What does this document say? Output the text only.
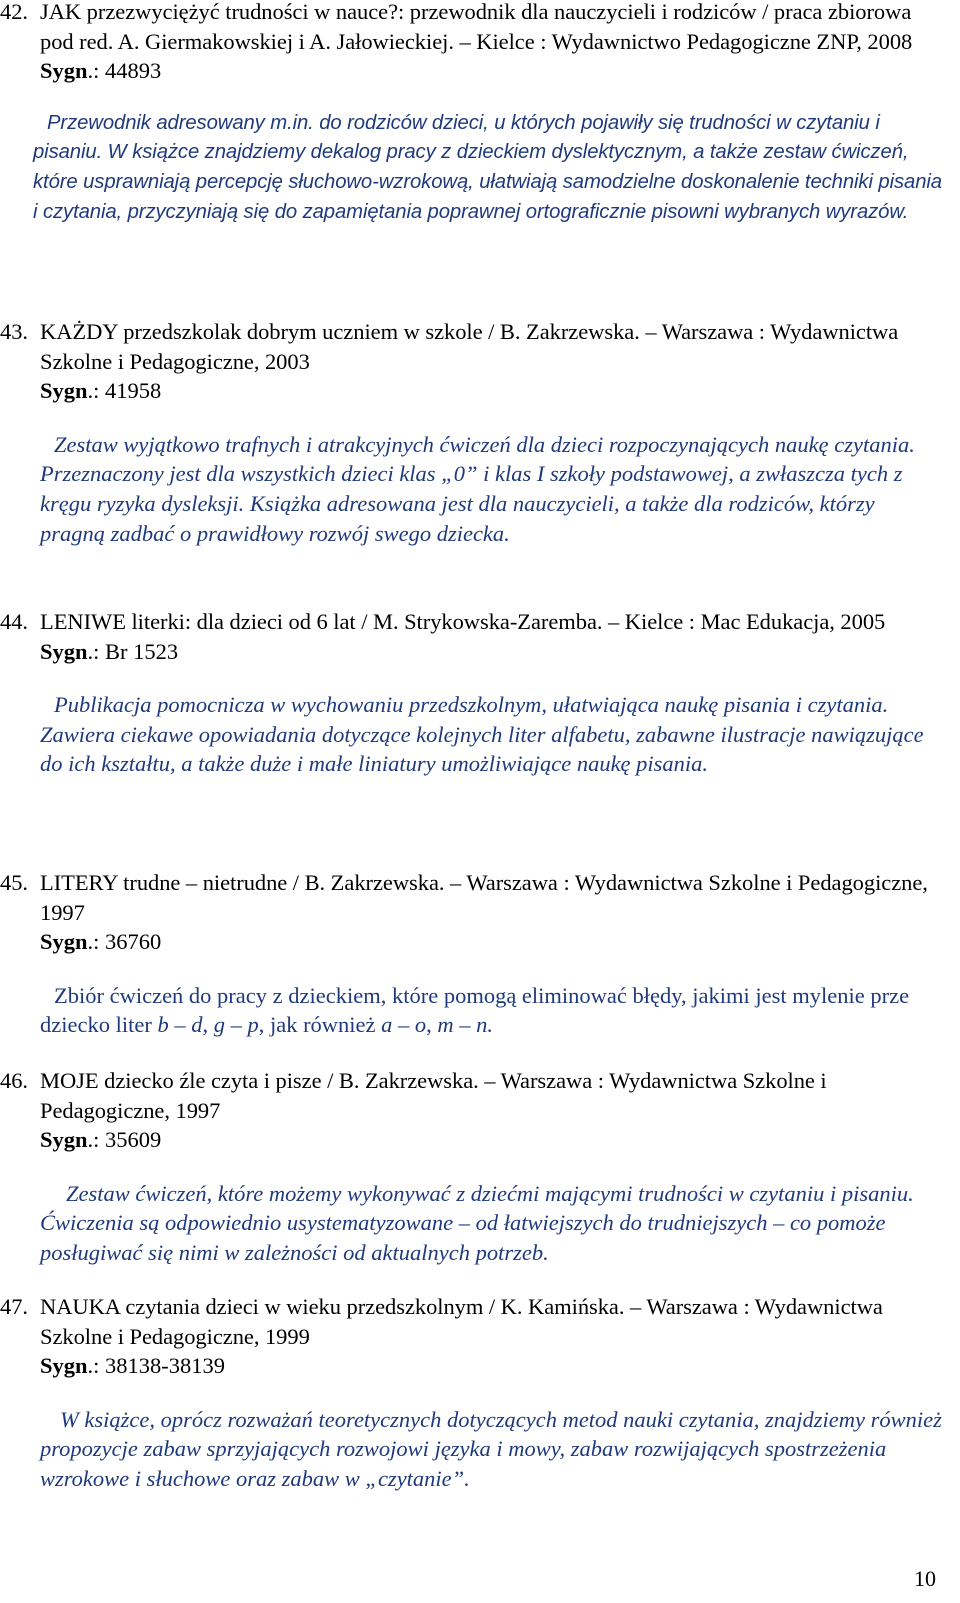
42. JAK przezwyciężyć trudności w nauce?: przewodnik dla nauczycieli i rodziców / praca zbiorowa pod red. A. Giermakowskiej i A. Jałowieckiej. – Kielce : Wydawnictwo Pedagogiczne ZNP, 2008

Sygn.: 44893

Przewodnik adresowany m.in. do rodziców dzieci, u których pojawiły się trudności w czytaniu i pisaniu. W książce znajdziemy dekalog pracy z dzieckiem dyslektycznym, a także zestaw ćwiczeń, które usprawniają percepcję słuchowo-wzrokową, ułatwiają samodzielne doskonalenie techniki pisania i czytania, przyczyniają się do zapamiętania poprawnej ortograficznie pisowni wybranych wyrazów.

43. KAŻDY przedszkolak dobrym uczniem w szkole / B. Zakrzewska. – Warszawa : Wydawnictwa Szkolne i Pedagogiczne, 2003

Sygn.: 41958

Zestaw wyjątkowo trafnych i atrakcyjnych ćwiczeń dla dzieci rozpoczynających naukę czytania. Przeznaczony jest dla wszystkich dzieci klas „0” i klas I szkoły podstawowej, a zwłaszcza tych z kręgu ryzyka dysleksji. Książka adresowana jest dla nauczycieli, a także dla rodziców, którzy pragną zadbać o prawidłowy rozwój swego dziecka.

44. LENIWE literki: dla dzieci od 6 lat / M. Strykowska-Zaremba. – Kielce : Mac Edukacja, 2005

Sygn.: Br 1523

Publikacja pomocnicza w wychowaniu przedszkolnym, ułatwiająca naukę pisania i czytania. Zawiera ciekawe opowiadania dotyczące kolejnych liter alfabetu, zabawne ilustracje nawiązujące do ich kształtu, a także duże i małe liniatury umożliwiające naukę pisania.

45. LITERY trudne – nietrudne / B. Zakrzewska. – Warszawa : Wydawnictwa Szkolne i Pedagogiczne, 1997

Sygn.: 36760

Zbiór ćwiczeń do pracy z dzieckiem, które pomogą eliminować błędy, jakimi jest mylenie prze dziecko liter b – d, g – p, jak również a – o, m – n.

46. MOJE dziecko źle czyta i pisze / B. Zakrzewska. – Warszawa : Wydawnictwa Szkolne i Pedagogiczne, 1997

Sygn.: 35609

Zestaw ćwiczeń, które możemy wykonywać z dziećmi mającymi trudności w czytaniu i pisaniu. Ćwiczenia są odpowiednio usystematyzowane – od łatwiejszych do trudniejszych – co pomoże posługiwać się nimi w zależności od aktualnych potrzeb.

47. NAUKA czytania dzieci w wieku przedszkolnym / K. Kamińska. – Warszawa : Wydawnictwa Szkolne i Pedagogiczne, 1999

Sygn.: 38138-38139

W książce, oprócz rozważań teoretycznych dotyczących metod nauki czytania, znajdziemy również propozycje zabaw sprzyjających rozwojowi języka i mowy, zabaw rozwijających spostrzeżenia wzrokowe i słuchowe oraz zabaw w „czytanie”.

10
